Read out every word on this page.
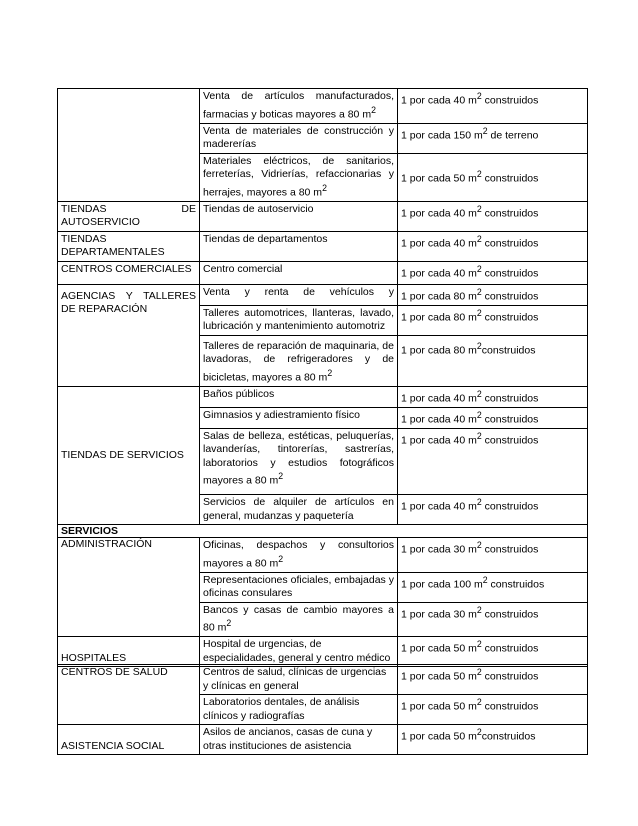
	Venta de artículos manufacturados, farmacias y boticas mayores a 80 $m^2$	1 por cada 40 $m^2$ construidos
	Venta de materiales de construcción y madererías	1 por cada 150 $m^2$ de terreno
	Materiales eléctricos, de sanitarios, ferreterías, Vidrierías, refaccionarias y herrajes, mayores a 80 $m^2$	1 por cada 50 $m^2$ construidos
TIENDAS DE AUTOSERVICIO	Tiendas de autoservicio	1 por cada 40 $m^2$ construidos
TIENDAS DEPARTAMENTALES	Tiendas de departamentos	1 por cada 40 $m^2$ construidos

CENTROS COMERCIALES	Centro comercial	1 por cada 40 $m^2$ construidos
AGENCIAS Y TALLERES DE REPARACIÓN	Venta y renta de vehículos y	1 por cada 80 $m^2$ construidos
	Talleres automotrices, llanteras, lavado, lubricación y mantenimiento automotriz	1 por cada 80 $m^2$ construidos
	Talleres de reparación de maquinaria, de lavadoras, de refrigeradores y de bicicletas, mayores a 80 $m^2$	1 por cada 80 $m^2construidos$
TIENDAS DE SERVICIOS	Baños públicos	1 por cada 40 $m^2$ construidos
	Gimnasios y adiestramiento físico	1 por cada 40 $m^2$ construidos
	Salas de belleza, estéticas, peluquerías, lavanderías, tintorerías, sastrerías, laboratorios y estudios fotográficos mayores a 80 $m^2$	1 por cada 40 $m^2$ construidos
	Servicios de alquiler de artículos en general, mudanzas y paquetería	1 por cada 40 $m^2$ construidos
SERVICIOS		
ADMINISTRACIÓN	Oficinas, despachos y consultorios mayores a 80 $m^2$	1 por cada 30 $m^2$ construidos
	Representaciones oficiales, embajadas y oficinas consulares	1 por cada 100 $m^2$ construidos
	Bancos y casas de cambio mayores a 80 $m^2$	1 por cada 30 $m^2$ construidos
HOSPITALES	Hospital de urgencias, de especialidades, general y centro médico	1 por cada 50 $m^2$ construidos
CENTROS DE SALUD	Centros de salud, clínicas de urgencias y clínicas en general	1 por cada 50 $m^2$ construidos
	Laboratorios dentales, de análisis clínicos y radiografías	1 por cada 50 $m^2$ construidos
ASISTENCIA SOCIAL	Asilos de ancianos, casas de cuna y otras instituciones de asistencia	1 por cada 50 $m^2construidos$
